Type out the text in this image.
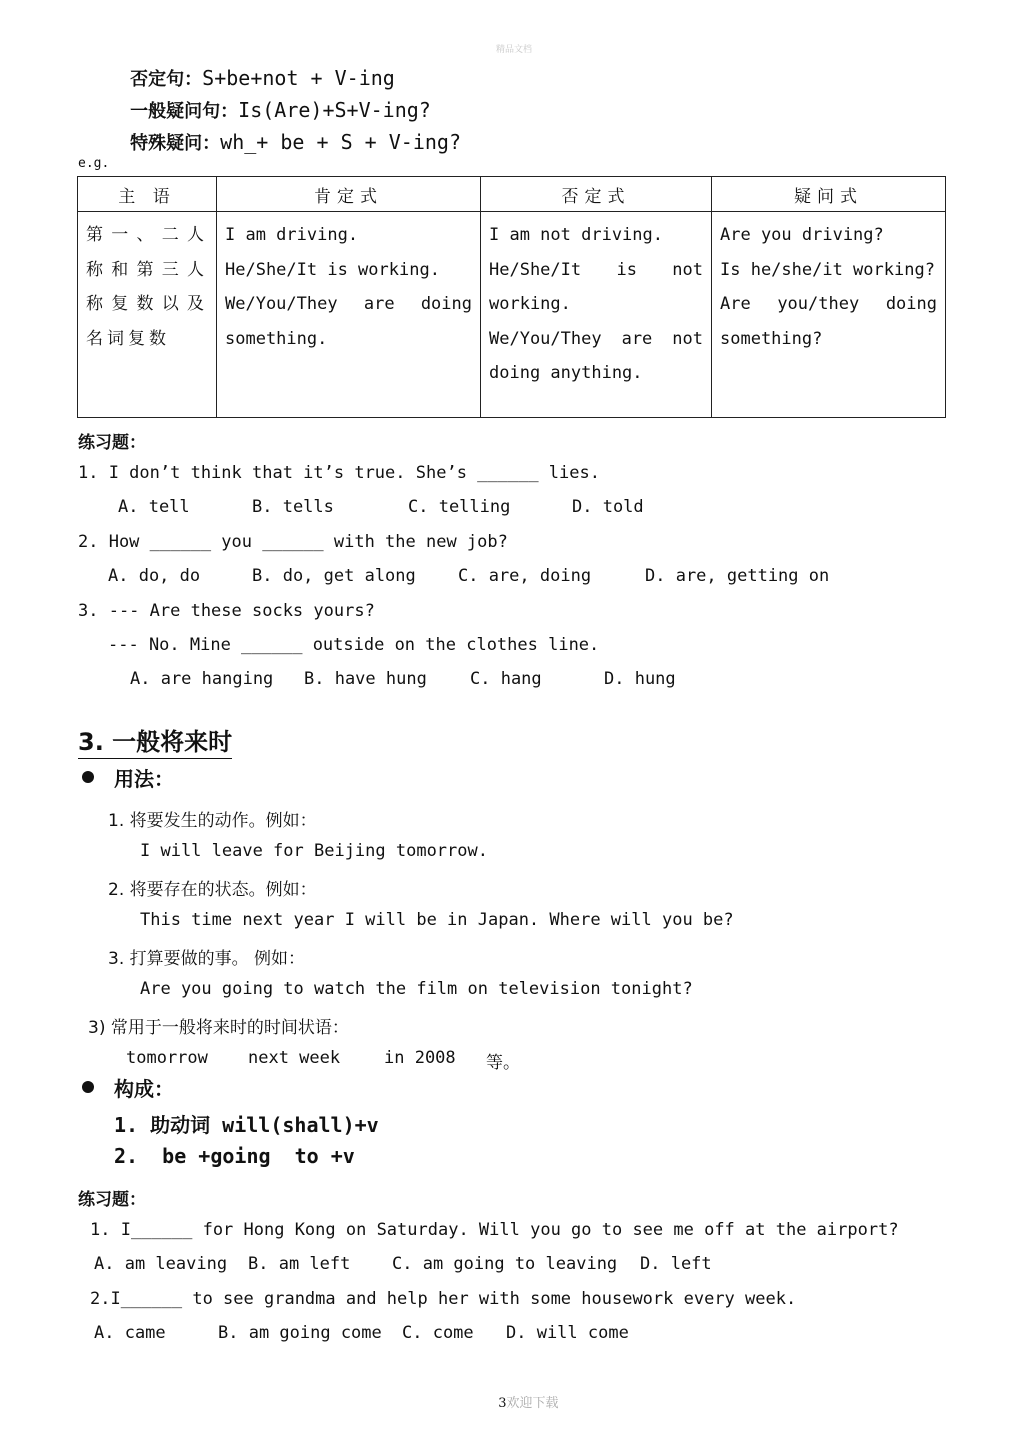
精品文档

否定句：S+be+not + V-ing

一般疑问句：Is(Are)+S+V-ing?

特殊疑问：wh_+ be + S + V-ing?

e.g.
主 语	肯定式	否定式	疑问式
第一、二人称和第三人称复数以及名词复数	I am driving.
He/She/It is working.
We/You/They are doing something.	I am not driving.
He/She/It is not working.
We/You/They are not doing anything.	Are you driving?
Is he/she/it working?
Are you/they doing something?
练习题：
1. I don’t think that it’s true. She’s ______ lies.
A. tell	B. tells	C. telling	D. told
2. How ______ you ______ with the new job?
A. do, do	B. do, get along C. are, doing	D. are, getting on
3. --- Are these socks yours?
--- No. Mine ______ outside on the clothes line.
A. are hanging B. have hung	C. hang	D. hung
3. 一般将来时
用法：
1. 将要发生的动作。例如：
I will leave for Beijing tomorrow.
2. 将要存在的状态。例如：
This time next year I will be in Japan. Where will you be?
3. 打算要做的事。 例如：
Are you going to watch the film on television tonight?
3) 常用于一般将来时的时间状语：
tomorrow next week	in 2008 等。
构成：
1. 助动词 will(shall)+v
2.  be +going  to +v
练习题：
1. I______ for Hong Kong on Saturday. Will you go to see me off at the airport?
A. am leaving B. am left C. am going to leaving D. left
2.I______ to see grandma and help her with some housework every week.
A. came	B. am going come C. come D. will come

3欢迎下载
